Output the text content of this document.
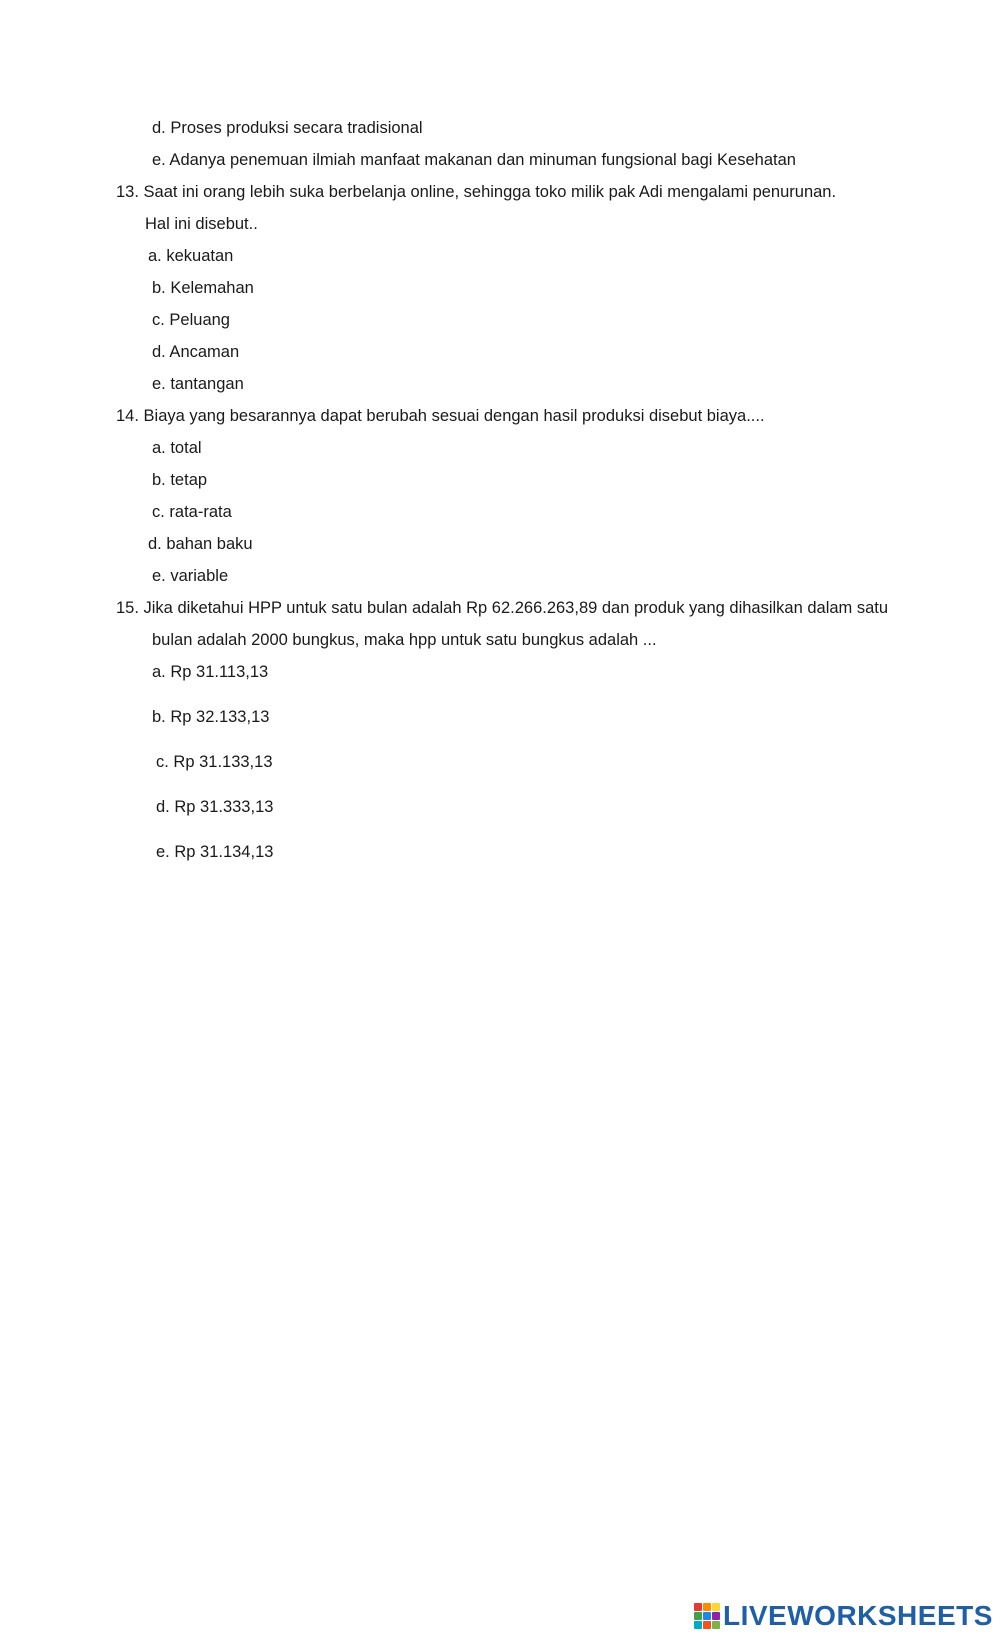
d. Proses produksi secara tradisional
e. Adanya penemuan ilmiah manfaat makanan dan minuman fungsional bagi Kesehatan
13. Saat ini orang lebih suka berbelanja online, sehingga toko milik pak Adi mengalami penurunan.
Hal ini disebut..
a. kekuatan
b. Kelemahan
c. Peluang
d. Ancaman
e. tantangan
14. Biaya yang besarannya dapat berubah sesuai dengan hasil produksi disebut biaya....
a. total
b. tetap
c. rata-rata
d. bahan baku
e. variable
15. Jika diketahui HPP untuk satu bulan adalah Rp 62.266.263,89 dan produk yang dihasilkan dalam satu
bulan adalah 2000 bungkus, maka hpp untuk satu bungkus adalah ...
a. Rp 31.113,13
b. Rp 32.133,13
c. Rp 31.133,13
d. Rp 31.333,13
e. Rp 31.134,13
LIVEWORKSHEETS
